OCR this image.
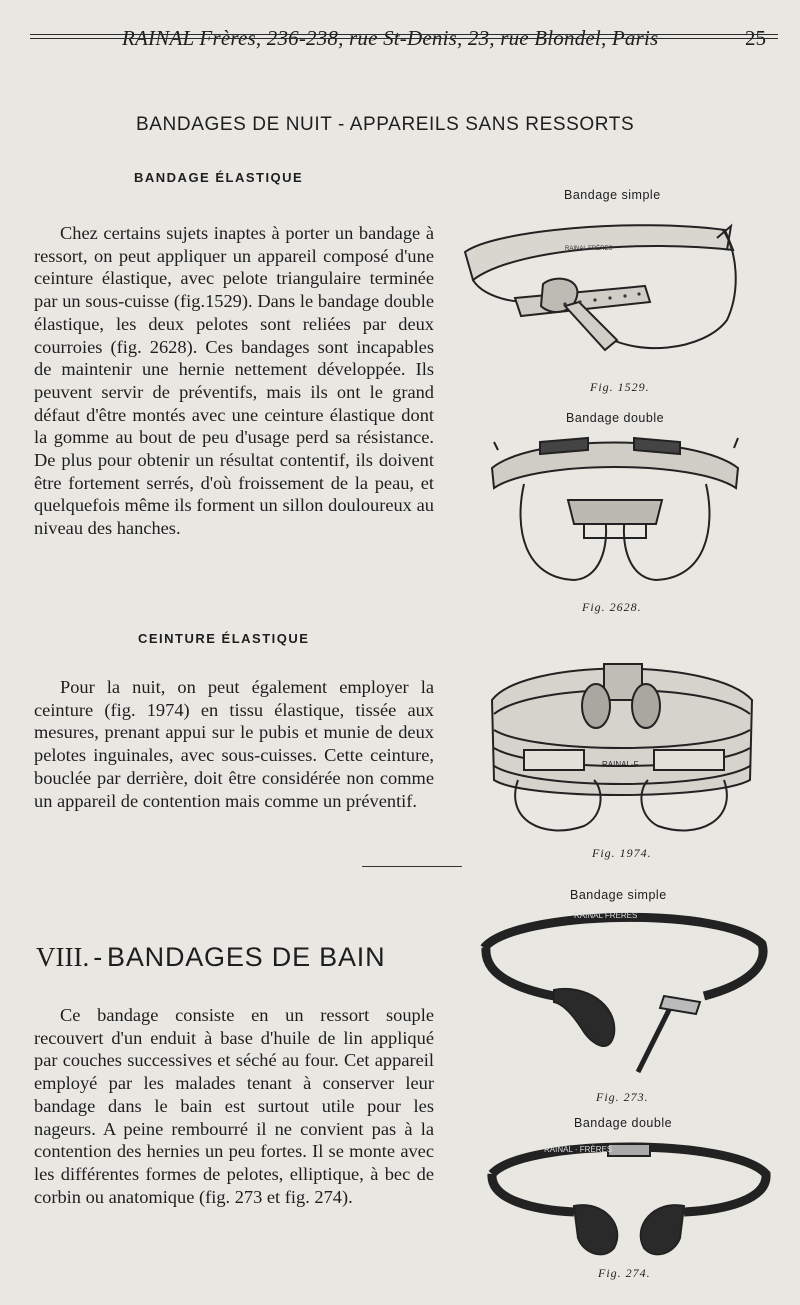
RAINAL Frères, 236-238, rue St-Denis, 23, rue Blondel, Paris	25
BANDAGES DE NUIT - APPAREILS SANS RESSORTS
BANDAGE ÉLASTIQUE
Chez certains sujets inaptes à porter un bandage à ressort, on peut appliquer un appareil composé d'une ceinture élastique, avec pelote triangulaire terminée par un sous-cuisse (fig.1529). Dans le bandage double élastique, les deux pelotes sont reliées par deux courroies (fig. 2628). Ces bandages sont incapables de maintenir une hernie nettement développée. Ils peuvent servir de préventifs, mais ils ont le grand défaut d'être montés avec une ceinture élastique dont la gomme au bout de peu d'usage perd sa résistance. De plus pour obtenir un résultat contentif, ils doivent être fortement serrés, d'où froissement de la peau, et quelquefois même ils forment un sillon douloureux au niveau des hanches.
CEINTURE ÉLASTIQUE
Pour la nuit, on peut également employer la ceinture (fig. 1974) en tissu élastique, tissée aux mesures, prenant appui sur le pubis et munie de deux pelotes inguinales, avec sous-cuisses. Cette ceinture, bouclée par derrière, doit être considérée non comme un appareil de contention mais comme un préventif.
VIII. - BANDAGES DE BAIN
Ce bandage consiste en un ressort souple recouvert d'un enduit à base d'huile de lin appliqué par couches successives et séché au four. Cet appareil employé par les malades tenant à conserver leur bandage dans le bain est surtout utile pour les nageurs. A peine rembourré il ne convient pas à la contention des hernies un peu fortes. Il se monte avec les différentes formes de pelotes, elliptique, à bec de corbin ou anatomique (fig. 273 et fig. 274).
Bandage simple
RAINAL FRÈRES
Fig. 1529.
Bandage double
Fig. 2628.
RAINAL-F
Fig. 1974.
Bandage simple
RAINAL FRÈRES
Fig. 273.
Bandage double
RAINAL · FRÈRES
Fig. 274.
